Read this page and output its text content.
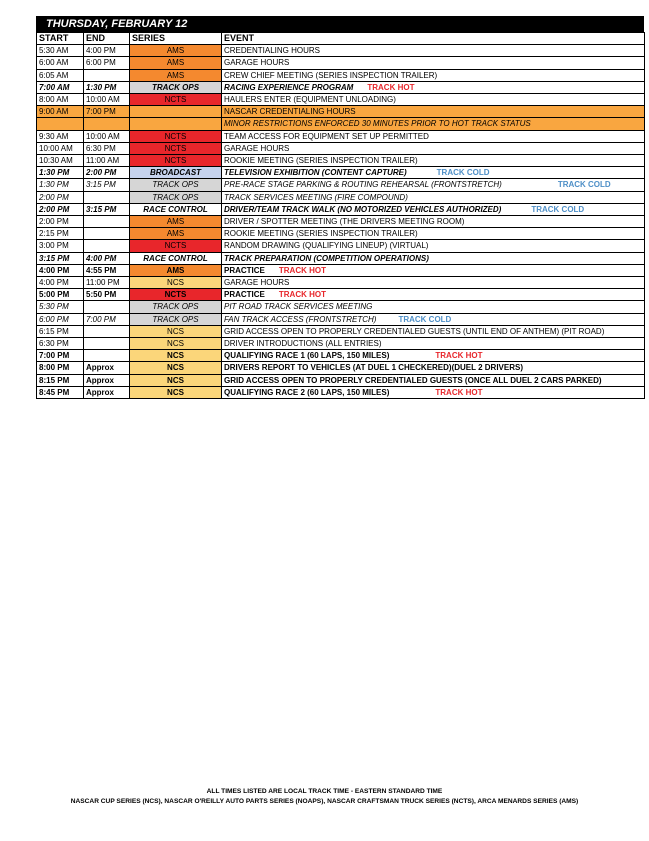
THURSDAY, FEBRUARY 12
START	END	SERIES	EVENT
5:30 AM	4:00 PM	AMS	CREDENTIALING HOURS
6:00 AM	6:00 PM	AMS	GARAGE HOURS
6:05 AM		AMS	CREW CHIEF MEETING (SERIES INSPECTION TRAILER)
7:00 AM	1:30 PM	TRACK OPS	RACING EXPERIENCE PROGRAM TRACK HOT
8:00 AM	10:00 AM	NCTS	HAULERS ENTER (EQUIPMENT UNLOADING)
9:00 AM	7:00 PM		NASCAR CREDENTIALING HOURS
			MINOR RESTRICTIONS ENFORCED 30 MINUTES PRIOR TO HOT TRACK STATUS
9:30 AM	10:00 AM	NCTS	TEAM ACCESS FOR EQUIPMENT SET UP PERMITTED
10:00 AM	6:30 PM	NCTS	GARAGE HOURS
10:30 AM	11:00 AM	NCTS	ROOKIE MEETING (SERIES INSPECTION TRAILER)
1:30 PM	2:00 PM	BROADCAST	TELEVISION EXHIBITION (CONTENT CAPTURE) TRACK COLD
1:30 PM	3:15 PM	TRACK OPS	PRE-RACE STAGE PARKING & ROUTING REHEARSAL (FRONTSTRETCH) TRACK COLD
2:00 PM		TRACK OPS	TRACK SERVICES MEETING (FIRE COMPOUND)
2:00 PM	3:15 PM	RACE CONTROL	DRIVER/TEAM TRACK WALK (NO MOTORIZED VEHICLES AUTHORIZED) TRACK COLD
2:00 PM		AMS	DRIVER / SPOTTER MEETING (THE DRIVERS MEETING ROOM)
2:15 PM		AMS	ROOKIE MEETING (SERIES INSPECTION TRAILER)
3:00 PM		NCTS	RANDOM DRAWING (QUALIFYING LINEUP) (VIRTUAL)
3:15 PM	4:00 PM	RACE CONTROL	TRACK PREPARATION (COMPETITION OPERATIONS)
4:00 PM	4:55 PM	AMS	PRACTICE TRACK HOT
4:00 PM	11:00 PM	NCS	GARAGE HOURS
5:00 PM	5:50 PM	NCTS	PRACTICE TRACK HOT
5:30 PM		TRACK OPS	PIT ROAD TRACK SERVICES MEETING
6:00 PM	7:00 PM	TRACK OPS	FAN TRACK ACCESS (FRONTSTRETCH) TRACK COLD
6:15 PM		NCS	GRID ACCESS OPEN TO PROPERLY CREDENTIALED GUESTS (UNTIL END OF ANTHEM) (PIT ROAD)
6:30 PM		NCS	DRIVER INTRODUCTIONS (ALL ENTRIES)
7:00 PM		NCS	QUALIFYING RACE 1 (60 LAPS, 150 MILES) TRACK HOT
8:00 PM	Approx	NCS	DRIVERS REPORT TO VEHICLES (AT DUEL 1 CHECKERED)(DUEL 2 DRIVERS)
8:15 PM	Approx	NCS	GRID ACCESS OPEN TO PROPERLY CREDENTIALED GUESTS (ONCE ALL DUEL 2 CARS PARKED)
8:45 PM	Approx	NCS	QUALIFYING RACE 2 (60 LAPS, 150 MILES) TRACK HOT
ALL TIMES LISTED ARE LOCAL TRACK TIME - EASTERN STANDARD TIME
NASCAR CUP SERIES (NCS), NASCAR O'REILLY AUTO PARTS SERIES (NOAPS), NASCAR CRAFTSMAN TRUCK SERIES (NCTS), ARCA MENARDS SERIES (AMS)
